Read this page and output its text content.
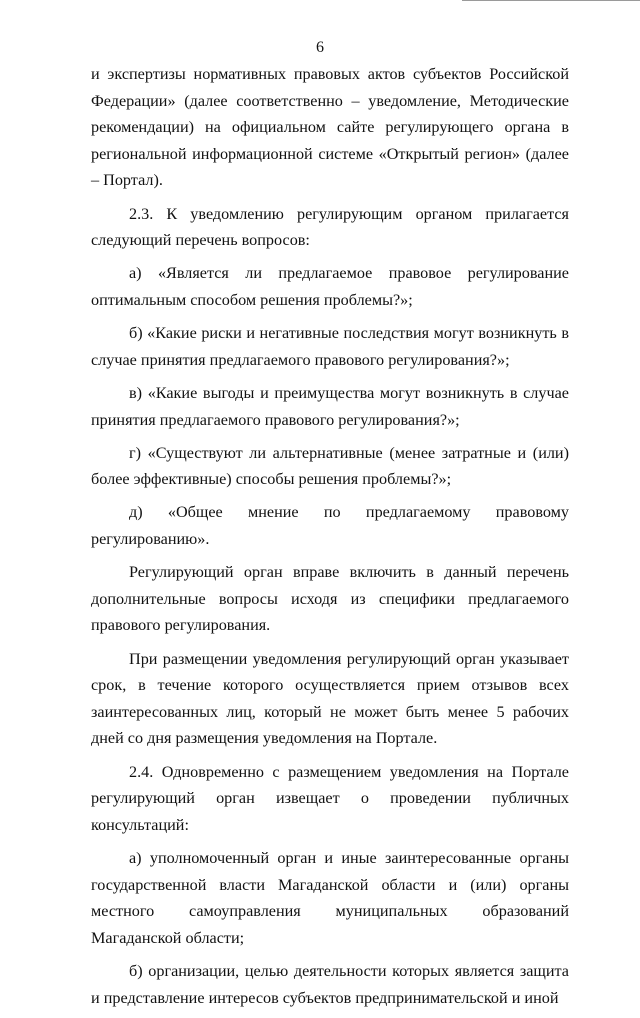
6

и экспертизы нормативных правовых актов субъектов Российской Федерации» (далее соответственно – уведомление, Методические рекомендации) на официальном сайте регулирующего органа в региональной информационной системе «Открытый регион» (далее – Портал).

2.3. К уведомлению регулирующим органом прилагается следующий перечень вопросов:

а) «Является ли предлагаемое правовое регулирование оптимальным способом решения проблемы?»;

б) «Какие риски и негативные последствия могут возникнуть в случае принятия предлагаемого правового регулирования?»;

в) «Какие выгоды и преимущества могут возникнуть в случае принятия предлагаемого правового регулирования?»;

г) «Существуют ли альтернативные (менее затратные и (или) более эффективные) способы решения проблемы?»;

д) «Общее мнение по предлагаемому правовому регулированию».

Регулирующий орган вправе включить в данный перечень дополнительные вопросы исходя из специфики предлагаемого правового регулирования.

При размещении уведомления регулирующий орган указывает срок, в течение которого осуществляется прием отзывов всех заинтересованных лиц, который не может быть менее 5 рабочих дней со дня размещения уведомления на Портале.

2.4. Одновременно с размещением уведомления на Портале регулирующий орган извещает о проведении публичных консультаций:

а) уполномоченный орган и иные заинтересованные органы государственной власти Магаданской области и (или) органы местного самоуправления муниципальных образований Магаданской области;

б) организации, целью деятельности которых является защита и представление интересов субъектов предпринимательской и иной
